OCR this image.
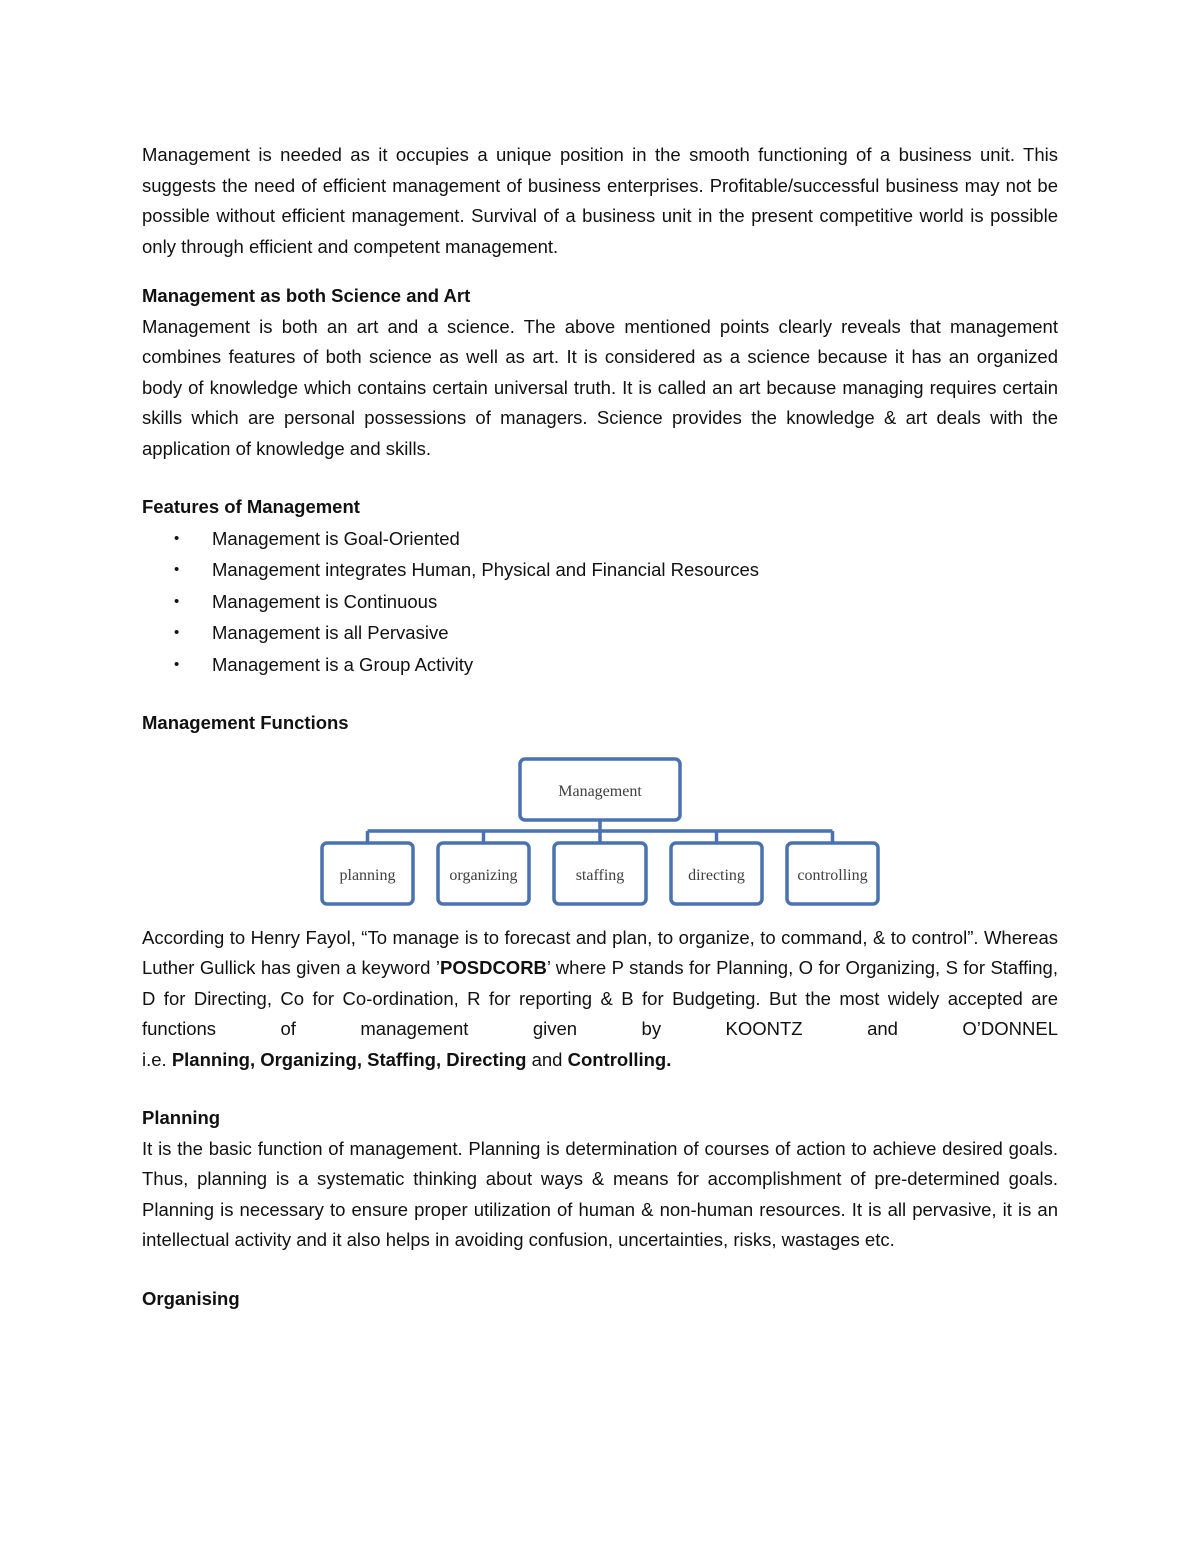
Management is needed as it occupies a unique position in the smooth functioning of a business unit. This suggests the need of efficient management of business enterprises. Profitable/successful business may not be possible without efficient management. Survival of a business unit in the present competitive world is possible only through efficient and competent management.

Management as both Science and Art

Management is both an art and a science. The above mentioned points clearly reveals that management combines features of both science as well as art. It is considered as a science because it has an organized body of knowledge which contains certain universal truth. It is called an art because managing requires certain skills which are personal possessions of managers. Science provides the knowledge & art deals with the application of knowledge and skills.

Features of Management

• Management is Goal-Oriented
• Management integrates Human, Physical and Financial Resources
• Management is Continuous
• Management is all Pervasive
• Management is a Group Activity

Management Functions

Management
planning	organizing	staffing	directing	controlling

According to Henry Fayol, “To manage is to forecast and plan, to organize, to command, & to control”. Whereas Luther Gullick has given a keyword ’POSDCORB’ where P stands for Planning, O for Organizing, S for Staffing, D for Directing, Co for Co-ordination, R for reporting & B for Budgeting. But the most widely accepted are functions of management given by KOONTZ and O’DONNEL

i.e. Planning, Organizing, Staffing, Directing and Controlling.

Planning

It is the basic function of management. Planning is determination of courses of action to achieve desired goals. Thus, planning is a systematic thinking about ways & means for accomplishment of pre-determined goals. Planning is necessary to ensure proper utilization of human & non-human resources. It is all pervasive, it is an intellectual activity and it also helps in avoiding confusion, uncertainties, risks, wastages etc.

Organising
